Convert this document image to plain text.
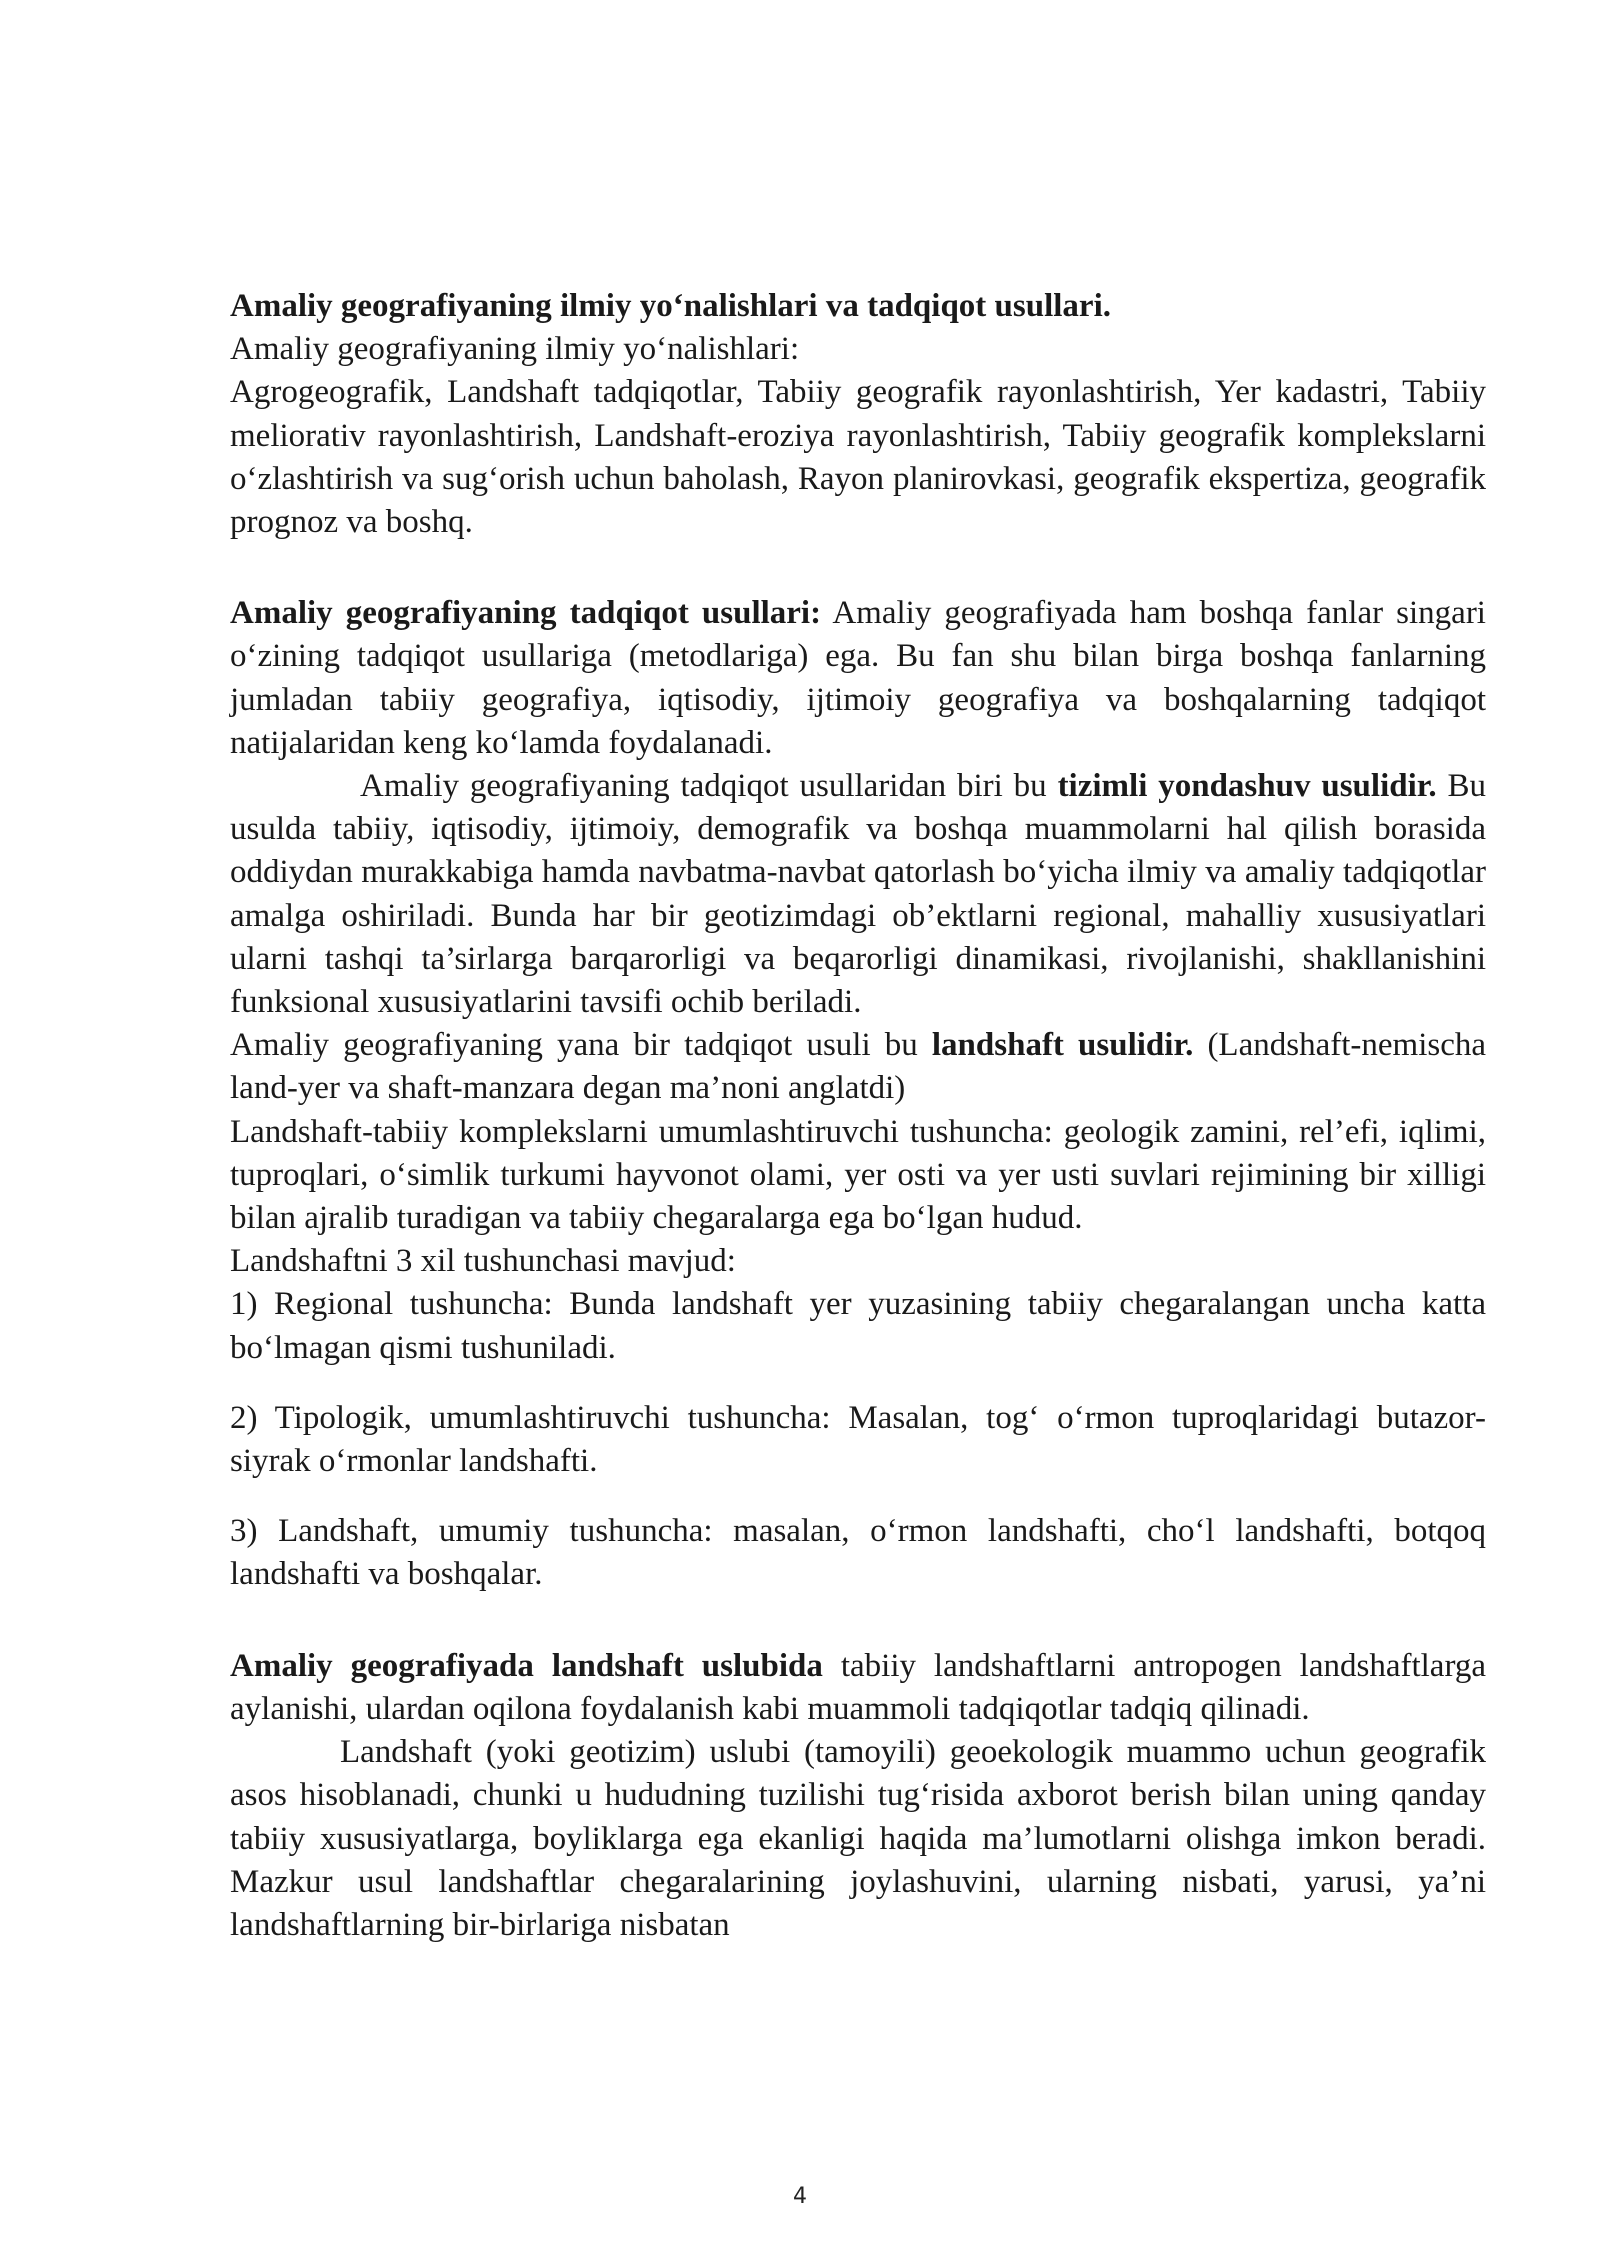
Amaliy geografiyaning ilmiy yo‘nalishlari va tadqiqot usullari.

Amaliy geografiyaning ilmiy yo‘nalishlari:

Agrogeografik, Landshaft tadqiqotlar, Tabiiy geografik rayonlashtirish, Yer kadastri, Tabiiy meliorativ rayonlashtirish, Landshaft-eroziya rayonlashtirish, Tabiiy geografik komplekslarni o‘zlashtirish va sug‘orish uchun baholash, Rayon planirovkasi, geografik ekspertiza, geografik prognoz va boshq.

Amaliy geografiyaning tadqiqot usullari: Amaliy geografiyada ham boshqa fanlar singari o‘zining tadqiqot usullariga (metodlariga) ega. Bu fan shu bilan birga boshqa fanlarning jumladan tabiiy geografiya, iqtisodiy, ijtimoiy geografiya va boshqalarning tadqiqot natijalaridan keng ko‘lamda foydalanadi.

Amaliy geografiyaning tadqiqot usullaridan biri bu tizimli yondashuv usulidir. Bu usulda tabiiy, iqtisodiy, ijtimoiy, demografik va boshqa muammolarni hal qilish borasida oddiydan murakkabiga hamda navbatma-navbat qatorlash bo‘yicha ilmiy va amaliy tadqiqotlar amalga oshiriladi. Bunda har bir geotizimdagi ob’ektlarni regional, mahalliy xususiyatlari ularni tashqi ta’sirlarga barqarorligi va beqarorligi dinamikasi, rivojlanishi, shakllanishini funksional xususiyatlarini tavsifi ochib beriladi.

Amaliy geografiyaning yana bir tadqiqot usuli bu landshaft usulidir. (Landshaft-nemischa land-yer va shaft-manzara degan ma’noni anglatdi)

Landshaft-tabiiy komplekslarni umumlashtiruvchi tushuncha: geologik zamini, rel’efi, iqlimi, tuproqlari, o‘simlik turkumi hayvonot olami, yer osti va yer usti suvlari rejimining bir xilligi bilan ajralib turadigan va tabiiy chegaralarga ega bo‘lgan hudud.

Landshaftni 3 xil tushunchasi mavjud:

1) Regional tushuncha: Bunda landshaft yer yuzasining tabiiy chegaralangan uncha katta bo‘lmagan qismi tushuniladi.

2) Tipologik, umumlashtiruvchi tushuncha: Masalan, tog‘ o‘rmon tuproqlaridagi butazor-siyrak o‘rmonlar landshafti.

3) Landshaft, umumiy tushuncha: masalan, o‘rmon landshafti, cho‘l landshafti, botqoq landshafti va boshqalar.

Amaliy geografiyada landshaft uslubida tabiiy landshaftlarni antropogen landshaftlarga aylanishi, ulardan oqilona foydalanish kabi muammoli tadqiqotlar tadqiq qilinadi.

Landshaft (yoki geotizim) uslubi (tamoyili) geoekologik muammo uchun geografik asos hisoblanadi, chunki u hududning tuzilishi tug‘risida axborot berish bilan uning qanday tabiiy xususiyatlarga, boyliklarga ega ekanligi haqida ma’lumotlarni olishga imkon beradi. Mazkur usul landshaftlar chegaralarining joylashuvini, ularning nisbati, yarusi, ya’ni landshaftlarning bir-birlariga nisbatan

4
